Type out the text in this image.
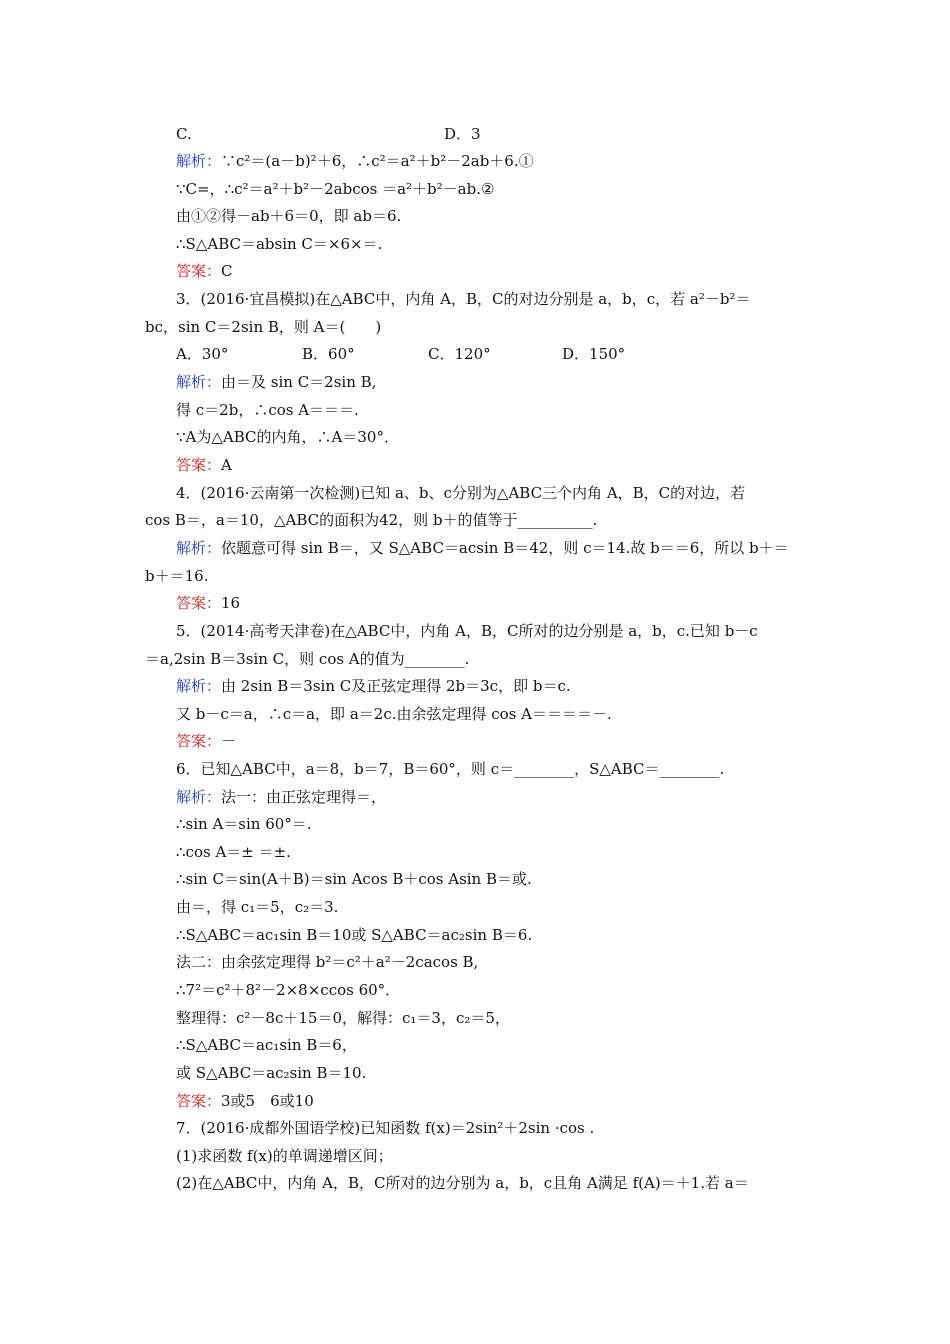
C.	D．3
解析：∵c²＝(a－b)²＋6，∴c²＝a²＋b²－2ab＋6.①
∵C=，∴c²＝a²＋b²－2abcos ＝a²＋b²－ab.②
由①②得－ab＋6＝0，即 ab＝6.
∴S△ABC＝absin C＝×6×＝.
答案：C
3．(2016·宜昌模拟)在△ABC中，内角 A，B，C的对边分别是 a，b，c，若 a²－b²＝
bc，sin C＝2sin B，则 A＝(　　)
A．30°	B．60°	C．120°	D．150°
解析：由＝及 sin C＝2sin B,
得 c＝2b，∴cos A＝＝＝.
∵A为△ABC的内角，∴A＝30°．
答案：A
4．(2016·云南第一次检测)已知 a、b、c分别为△ABC三个内角 A，B，C的对边，若
cos B＝，a＝10，△ABC的面积为42，则 b＋的值等于__________.
解析：依题意可得 sin B＝，又 S△ABC＝acsin B＝42，则 c＝14.故 b＝＝6，所以 b＋＝
b＋＝16.
答案：16
5．(2014·高考天津卷)在△ABC中，内角 A，B，C所对的边分别是 a，b，c.已知 b－c
＝a,2sin B＝3sin C，则 cos A的值为________.
解析：由 2sin B＝3sin C及正弦定理得 2b＝3c，即 b＝c.
又 b－c＝a，∴c＝a，即 a＝2c.由余弦定理得 cos A＝＝＝＝－.
答案：－
6．已知△ABC中，a＝8，b＝7，B＝60°，则 c＝________，S△ABC＝________.
解析：法一：由正弦定理得＝，
∴sin A＝sin 60°＝.
∴cos A＝± ＝±.
∴sin C＝sin(A＋B)＝sin Acos B＋cos Asin B＝或.
由＝，得 c₁＝5，c₂＝3.
∴S△ABC＝ac₁sin B＝10或 S△ABC＝ac₂sin B＝6.
法二：由余弦定理得 b²＝c²＋a²－2cacos B,
∴7²＝c²＋8²－2×8×ccos 60°．
整理得：c²－8c＋15＝0，解得：c₁＝3，c₂＝5，
∴S△ABC＝ac₁sin B＝6，
或 S△ABC＝ac₂sin B＝10.
答案：3或5　6或10
7．(2016·成都外国语学校)已知函数 f(x)＝2sin²＋2sin ·cos .
(1)求函数 f(x)的单调递增区间；
(2)在△ABC中，内角 A，B，C所对的边分别为 a，b，c且角 A满足 f(A)＝＋1.若 a＝
